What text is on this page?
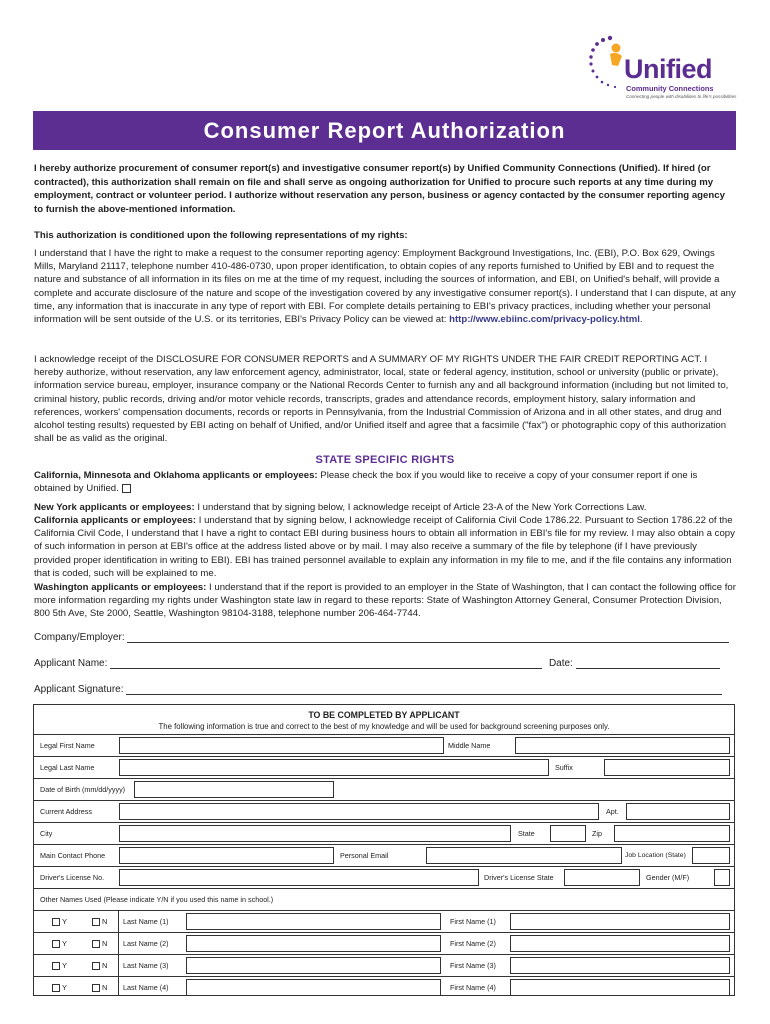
Unified
Community Connections
Connecting people with disabilities to life's possibilities
Consumer Report Authorization

I hereby authorize procurement of consumer report(s) and investigative consumer report(s) by Unified Community Connections (Unified). If hired (or contracted), this authorization shall remain on file and shall serve as ongoing authorization for Unified to procure such reports at any time during my employment, contract or volunteer period. I authorize without reservation any person, business or agency contacted by the consumer reporting agency to furnish the above-mentioned information.

This authorization is conditioned upon the following representations of my rights:

I understand that I have the right to make a request to the consumer reporting agency: Employment Background Investigations, Inc. (EBI), P.O. Box 629, Owings Mills, Maryland 21117, telephone number 410-486-0730, upon proper identification, to obtain copies of any reports furnished to Unified by EBI and to request the nature and substance of all information in its files on me at the time of my request, including the sources of information, and EBI, on Unified's behalf, will provide a complete and accurate disclosure of the nature and scope of the investigation covered by any investigative consumer report(s). I understand that I can dispute, at any time, any information that is inaccurate in any type of report with EBI. For complete details pertaining to EBI's privacy practices, including whether your personal information will be sent outside of the U.S. or its territories, EBI's Privacy Policy can be viewed at: http://www.ebiinc.com/privacy-policy.html.

I acknowledge receipt of the DISCLOSURE FOR CONSUMER REPORTS and A SUMMARY OF MY RIGHTS UNDER THE FAIR CREDIT REPORTING ACT. I hereby authorize, without reservation, any law enforcement agency, administrator, local, state or federal agency, institution, school or university (public or private), information service bureau, employer, insurance company or the National Records Center to furnish any and all background information (including but not limited to, criminal history, public records, driving and/or motor vehicle records, transcripts, grades and attendance records, employment history, salary information and references, workers' compensation documents, records or reports in Pennsylvania, from the Industrial Commission of Arizona and in all other states, and drug and alcohol testing results) requested by EBI acting on behalf of Unified, and/or Unified itself and agree that a facsimile ("fax") or photographic copy of this authorization shall be as valid as the original.

STATE SPECIFIC RIGHTS

California, Minnesota and Oklahoma applicants or employees: Please check the box if you would like to receive a copy of your consumer report if one is obtained by Unified.

New York applicants or employees: I understand that by signing below, I acknowledge receipt of Article 23-A of the New York Corrections Law.

California applicants or employees: I understand that by signing below, I acknowledge receipt of California Civil Code 1786.22. Pursuant to Section 1786.22 of the California Civil Code, I understand that I have a right to contact EBI during business hours to obtain all information in EBI's file for my review. I may also obtain a copy of such information in person at EBI's office at the address listed above or by mail. I may also receive a summary of the file by telephone (if I have previously provided proper identification in writing to EBI). EBI has trained personnel available to explain any information in my file to me, and if the file contains any information that is coded, such will be explained to me.

Washington applicants or employees: I understand that if the report is provided to an employer in the State of Washington, that I can contact the following office for more information regarding my rights under Washington state law in regard to these reports: State of Washington Attorney General, Consumer Protection Division, 800 5th Ave, Ste 2000, Seattle, Washington 98104-3188, telephone number 206-464-7744.

Company/Employer:
Applicant Name:	Date:
Applicant Signature:
TO BE COMPLETED BY APPLICANT
The following information is true and correct to the best of my knowledge and will be used for background screening purposes only.
Legal First Name	Middle Name
Legal Last Name	Suffix
Date of Birth (mm/dd/yyyy)
Current Address	Apt.
City	State	Zip
Main Contact Phone	Personal Email	Job Location (State)
Driver's License No.	Driver's License State	Gender (M/F)
Other Names Used (Please indicate Y/N if you used this name in school.)
Y	N Last Name (1)	First Name (1)
Y	N Last Name (2)	First Name (2)
Y	N Last Name (3)	First Name (3)
Y	N Last Name (4)	First Name (4)
